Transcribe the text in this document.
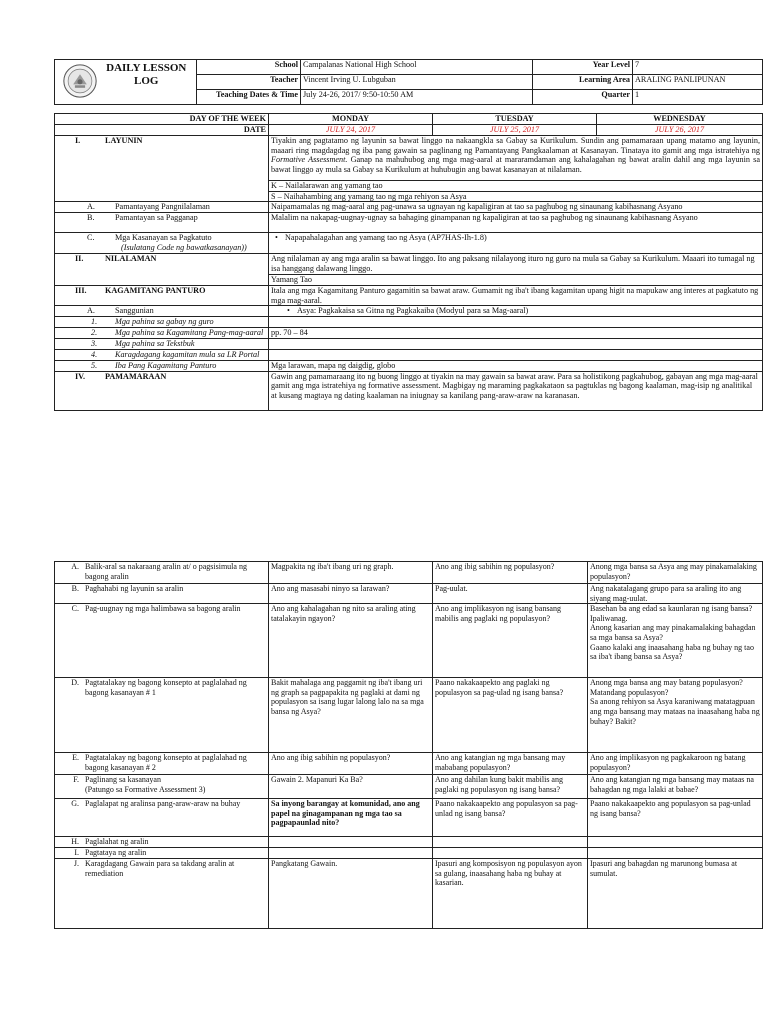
DAILY LESSON
LOG	School	Campalanas National High School	Year Level	7
		Teacher	Vincent Irving U. Lubguban	Learning Area	ARALING PANLIPUNAN
		Teaching Dates & Time	July 24-26, 2017/ 9:50-10:50 AM	Quarter	1
DAY OF THE WEEK	MONDAY	TUESDAY	WEDNESDAY
DATE	JULY 24, 2017	JULY 25, 2017	JULY 26, 2017
I. LAYUNIN	Tiyakin ang pagtatamo ng layunin sa bawat linggo na nakaangkla sa Gabay sa Kurikulum. Sundin ang pamamaraan upang matamo ang layunin, maaari ring magdagdag ng iba pang gawain sa paglinang ng Pamantayang Pangkaalaman at Kasanayan. Tinataya ito gamit ang mga istratehiya ng Formative Assessment. Ganap na mahuhubog ang mga mag-aaral at mararamdaman ang kahalagahan ng bawat aralin dahil ang mga layunin sa bawat linggo ay mula sa Gabay sa Kurikulum at huhubugin ang bawat kasanayan at nilalaman.		
	K – Nailalarawan ang yamang tao		
	S – Naihahambing ang yamang tao ng mga rehiyon sa Asya		
A. Pamantayang Pangnilalaman	Naipamamalas ng mag-aaral ang pag-unawa sa ugnayan ng kapaligiran at tao sa paghubog ng sinaunang kabihasnang Asyano		
B. Pamantayan sa Pagganap	Malalim na nakapag-uugnay-ugnay sa bahaging ginampanan ng kapaligiran at tao sa paghubog ng sinaunang kabihasnang Asyano		
C. Mga Kasanayan sa Pagkatuto
(Isulatang Code ng bawatkasanayan))	• Napapahalagahan ang yamang tao ng Asya (AP7HAS-Ih-1.8)
II. NILALAMAN	Ang nilalaman ay ang mga aralin sa bawat linggo. Ito ang paksang nilalayong ituro ng guro na mula sa Gabay sa Kurikulum. Maaari ito tumagal ng isa hanggang dalawang linggo.		
	Yamang Tao		
III. KAGAMITANG PANTURO	Itala ang mga Kagamitang Panturo gagamitin sa bawat araw. Gumamit ng iba't ibang kagamitan upang higit na mapukaw ang interes at pagkatuto ng mga mag-aaral.		
A. Sanggunian	• Asya: Pagkakaisa sa Gitna ng Pagkakaiba (Modyul para sa Mag-aaral)
1. Mga pahina sa gabay ng guro			

2. Mga pahina sa Kagamitang Pang-mag-aaral	pp. 70 – 84		
3. Mga pahina sa Tekstbuk			

4. Karagdagang kagamitan mula sa LR Portal			

5. Iba Pang Kagamitang Panturo	Mga larawan, mapa ng daigdig, globo		
IV. PAMAMARAAN	Gawin ang pamamaraang ito ng buong linggo at tiyakin na may gawain sa bawat araw. Para sa holistikong pagkahubog, gabayan ang mga mag-aaral gamit ang mga istratehiya ng formative assessment. Magbigay ng maraming pagkakataon sa pagtuklas ng bagong kaalaman, mag-isip ng analitikal at kusang magtaya ng dating kaalaman na iniugnay sa kanilang pang-araw-araw na karanasan.		
A. Balik-aral sa nakaraang aralin at/ o pagsisimula ng bagong aralin	Magpakita ng iba't ibang uri ng graph.	Ano ang ibig sabihin ng populasyon?	Anong mga bansa sa Asya ang may pinakamalaking populasyon?

B. Paghahabi ng layunin sa aralin	Ano ang masasabi ninyo sa larawan?	Pag-uulat.	Ang nakatalagang grupo para sa araling ito ang siyang mag-uulat.

C. Pag-uugnay ng mga halimbawa sa bagong aralin	Ano ang kahalagahan ng nito sa araling ating tatalakayin ngayon?	Ano ang implikasyon ng isang bansang mabilis ang paglaki ng populasyon?	Basehan ba ang edad sa kaunlaran ng isang bansa? Ipaliwanag.
Anong kasarian ang may pinakamalaking bahagdan sa mga bansa sa Asya?
Gaano kalaki ang inaasahang haba ng buhay ng tao sa iba't ibang bansa sa Asya?

D. Pagtatalakay ng bagong konsepto at paglalahad ng bagong kasanayan # 1	Bakit mahalaga ang paggamit ng iba't ibang uri ng graph sa pagpapakita ng paglaki at dami ng populasyon sa isang lugar lalong lalo na sa mga bansa ng Asya?	Paano nakakaapekto ang paglaki ng populasyon sa pag-ulad ng isang bansa?	Anong mga bansa ang may batang populasyon? Matandang populasyon?
Sa anong rehiyon sa Asya karaniwang matatagpuan ang mga bansang may mataas na inaasahang haba ng buhay? Bakit?

E. Pagtatalakay ng bagong konsepto at paglalahad ng bagong kasanayan # 2	Ano ang ibig sabihin ng populasyon?	Ano ang katangian ng mga bansang may mababang populasyon?	Ano ang implikasyon ng pagkakaroon ng batang populasyon?

F. Paglinang sa kasanayan
(Patungo sa Formative Assessment 3)	Gawain 2. Mapanuri Ka Ba?	Ano ang dahilan kung bakit mabilis ang paglaki ng populasyon ng isang bansa?	Ano ang katangian ng mga bansang may mataas na bahagdan ng mga lalaki at babae?

G. Paglalapat ng aralinsa pang-araw-araw na buhay	Sa inyong barangay at komunidad, ano ang papel na ginagampanan ng mga tao sa pagpapaunlad nito?	Paano nakakaapekto ang populasyon sa pag-unlad ng isang bansa?	Paano nakakaapekto ang populasyon sa pag-unlad ng isang bansa?

H. Paglalahat ng aralin			

I. Pagtataya ng aralin			

J. Karagdagang Gawain para sa takdang aralin at remediation	Pangkatang Gawain.	Ipasuri ang komposisyon ng populasyon ayon sa gulang, inaasahang haba ng buhay at kasarian.	Ipasuri ang bahagdan ng marunong bumasa at sumulat.
